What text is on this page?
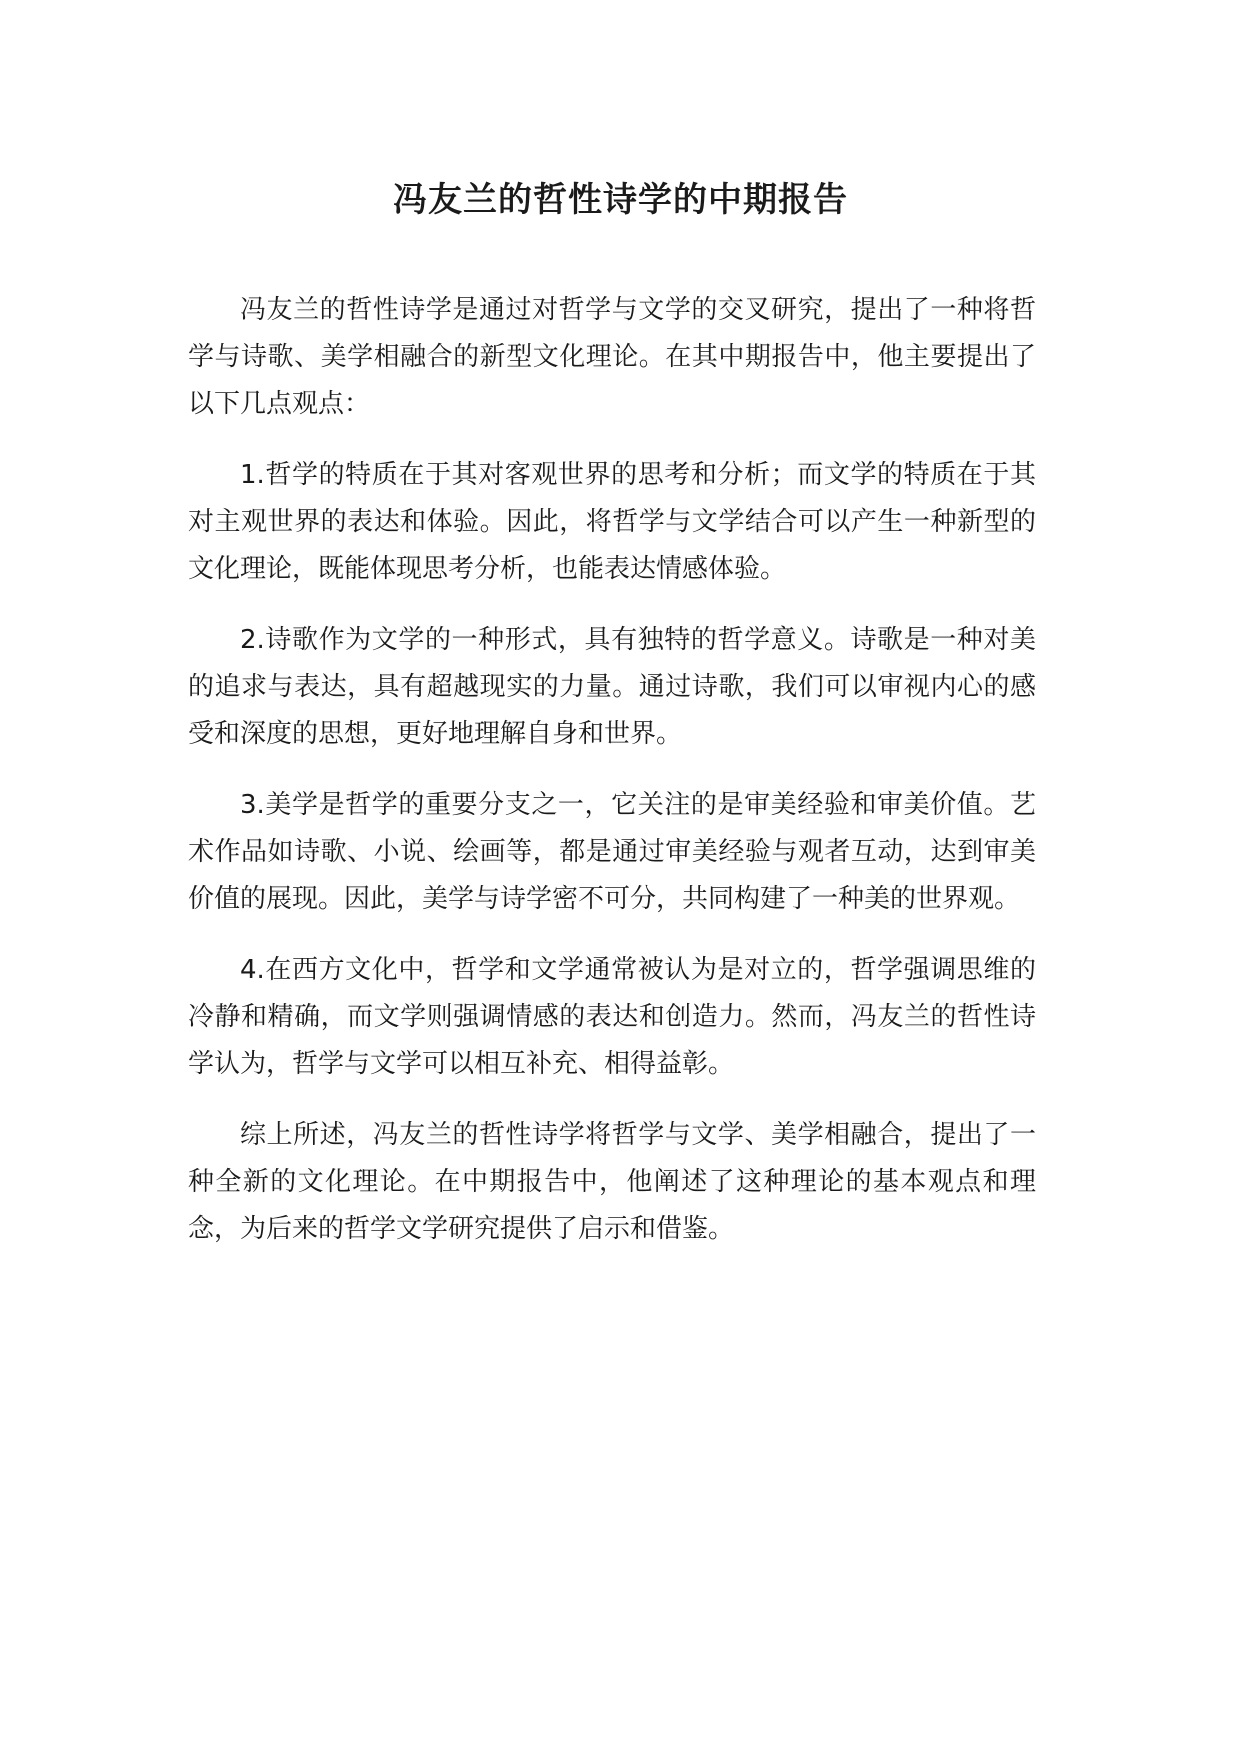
冯友兰的哲性诗学的中期报告

冯友兰的哲性诗学是通过对哲学与文学的交叉研究，提出了一种将哲学与诗歌、美学相融合的新型文化理论。在其中期报告中，他主要提出了以下几点观点：

1.哲学的特质在于其对客观世界的思考和分析；而文学的特质在于其对主观世界的表达和体验。因此，将哲学与文学结合可以产生一种新型的文化理论，既能体现思考分析，也能表达情感体验。

2.诗歌作为文学的一种形式，具有独特的哲学意义。诗歌是一种对美的追求与表达，具有超越现实的力量。通过诗歌，我们可以审视内心的感受和深度的思想，更好地理解自身和世界。

3.美学是哲学的重要分支之一，它关注的是审美经验和审美价值。艺术作品如诗歌、小说、绘画等，都是通过审美经验与观者互动，达到审美价值的展现。因此，美学与诗学密不可分，共同构建了一种美的世界观。

4.在西方文化中，哲学和文学通常被认为是对立的，哲学强调思维的冷静和精确，而文学则强调情感的表达和创造力。然而，冯友兰的哲性诗学认为，哲学与文学可以相互补充、相得益彰。

综上所述，冯友兰的哲性诗学将哲学与文学、美学相融合，提出了一种全新的文化理论。在中期报告中，他阐述了这种理论的基本观点和理念，为后来的哲学文学研究提供了启示和借鉴。
